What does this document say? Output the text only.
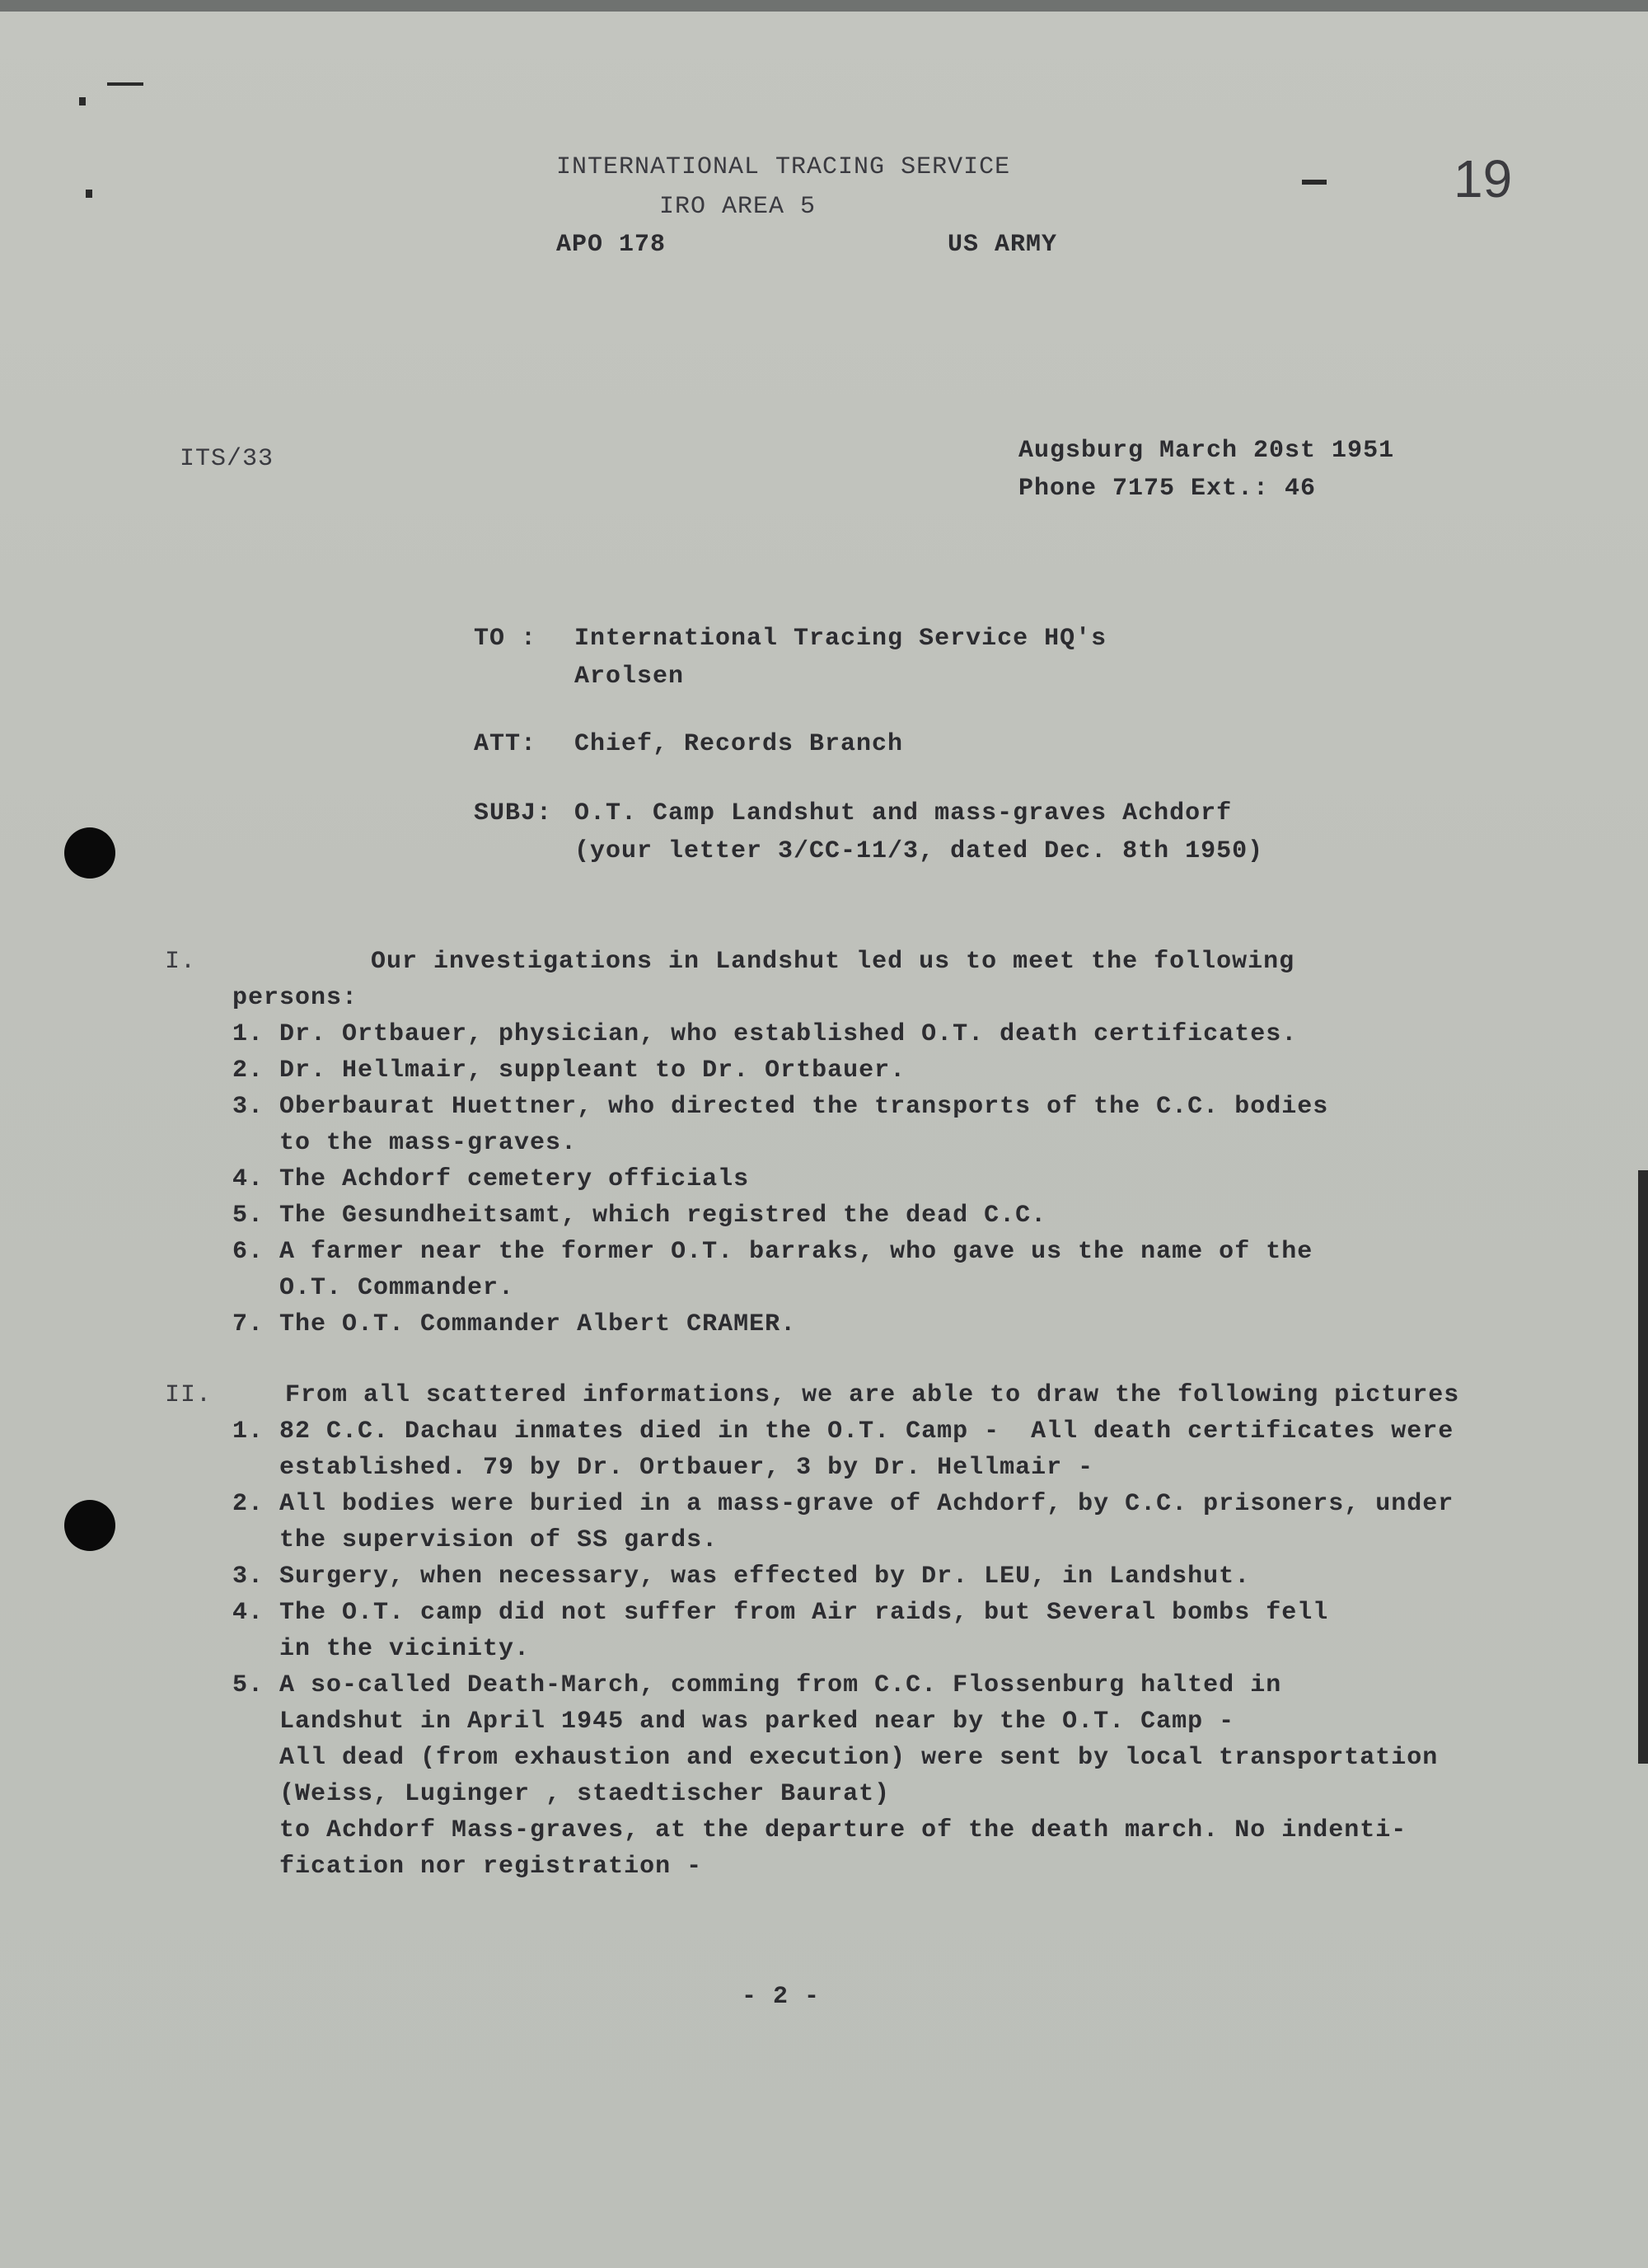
INTERNATIONAL TRACING SERVICE
IRO AREA 5
APO 178	US ARMY
19
ITS/33	Augsburg March 20st 1951
Phone 7175 Ext.: 46
TO : International Tracing Service HQ's
Arolsen
ATT: Chief, Records Branch
SUBJ: O.T. Camp Landshut and mass-graves Achdorf
(your letter 3/CC-11/3, dated Dec. 8th 1950)
I.	Our investigations in Landshut led us to meet the following
persons:
1. Dr. Ortbauer, physician, who established O.T. death certificates.
2. Dr. Hellmair, suppleant to Dr. Ortbauer.
3. Oberbaurat Huettner, who directed the transports of the C.C. bodies
to the mass-graves.
4. The Achdorf cemetery officials
5. The Gesundheitsamt, which registred the dead C.C.
6. A farmer near the former O.T. barraks, who gave us the name of the
O.T. Commander.
7. The O.T. Commander Albert CRAMER.
II.	From all scattered informations, we are able to draw the following pictures
1. 82 C.C. Dachau inmates died in the O.T. Camp -  All death certificates were
established. 79 by Dr. Ortbauer, 3 by Dr. Hellmair -
2. All bodies were buried in a mass-grave of Achdorf, by C.C. prisoners, under
the supervision of SS gards.
3. Surgery, when necessary, was effected by Dr. LEU, in Landshut.
4. The O.T. camp did not suffer from Air raids, but Several bombs fell
in the vicinity.
5. A so-called Death-March, comming from C.C. Flossenburg halted in
Landshut in April 1945 and was parked near by the O.T. Camp -
All dead (from exhaustion and execution) were sent by local transportation
(Weiss, Luginger , staedtischer Baurat)
to Achdorf Mass-graves, at the departure of the death march. No indenti-
fication nor registration -
- 2 -
